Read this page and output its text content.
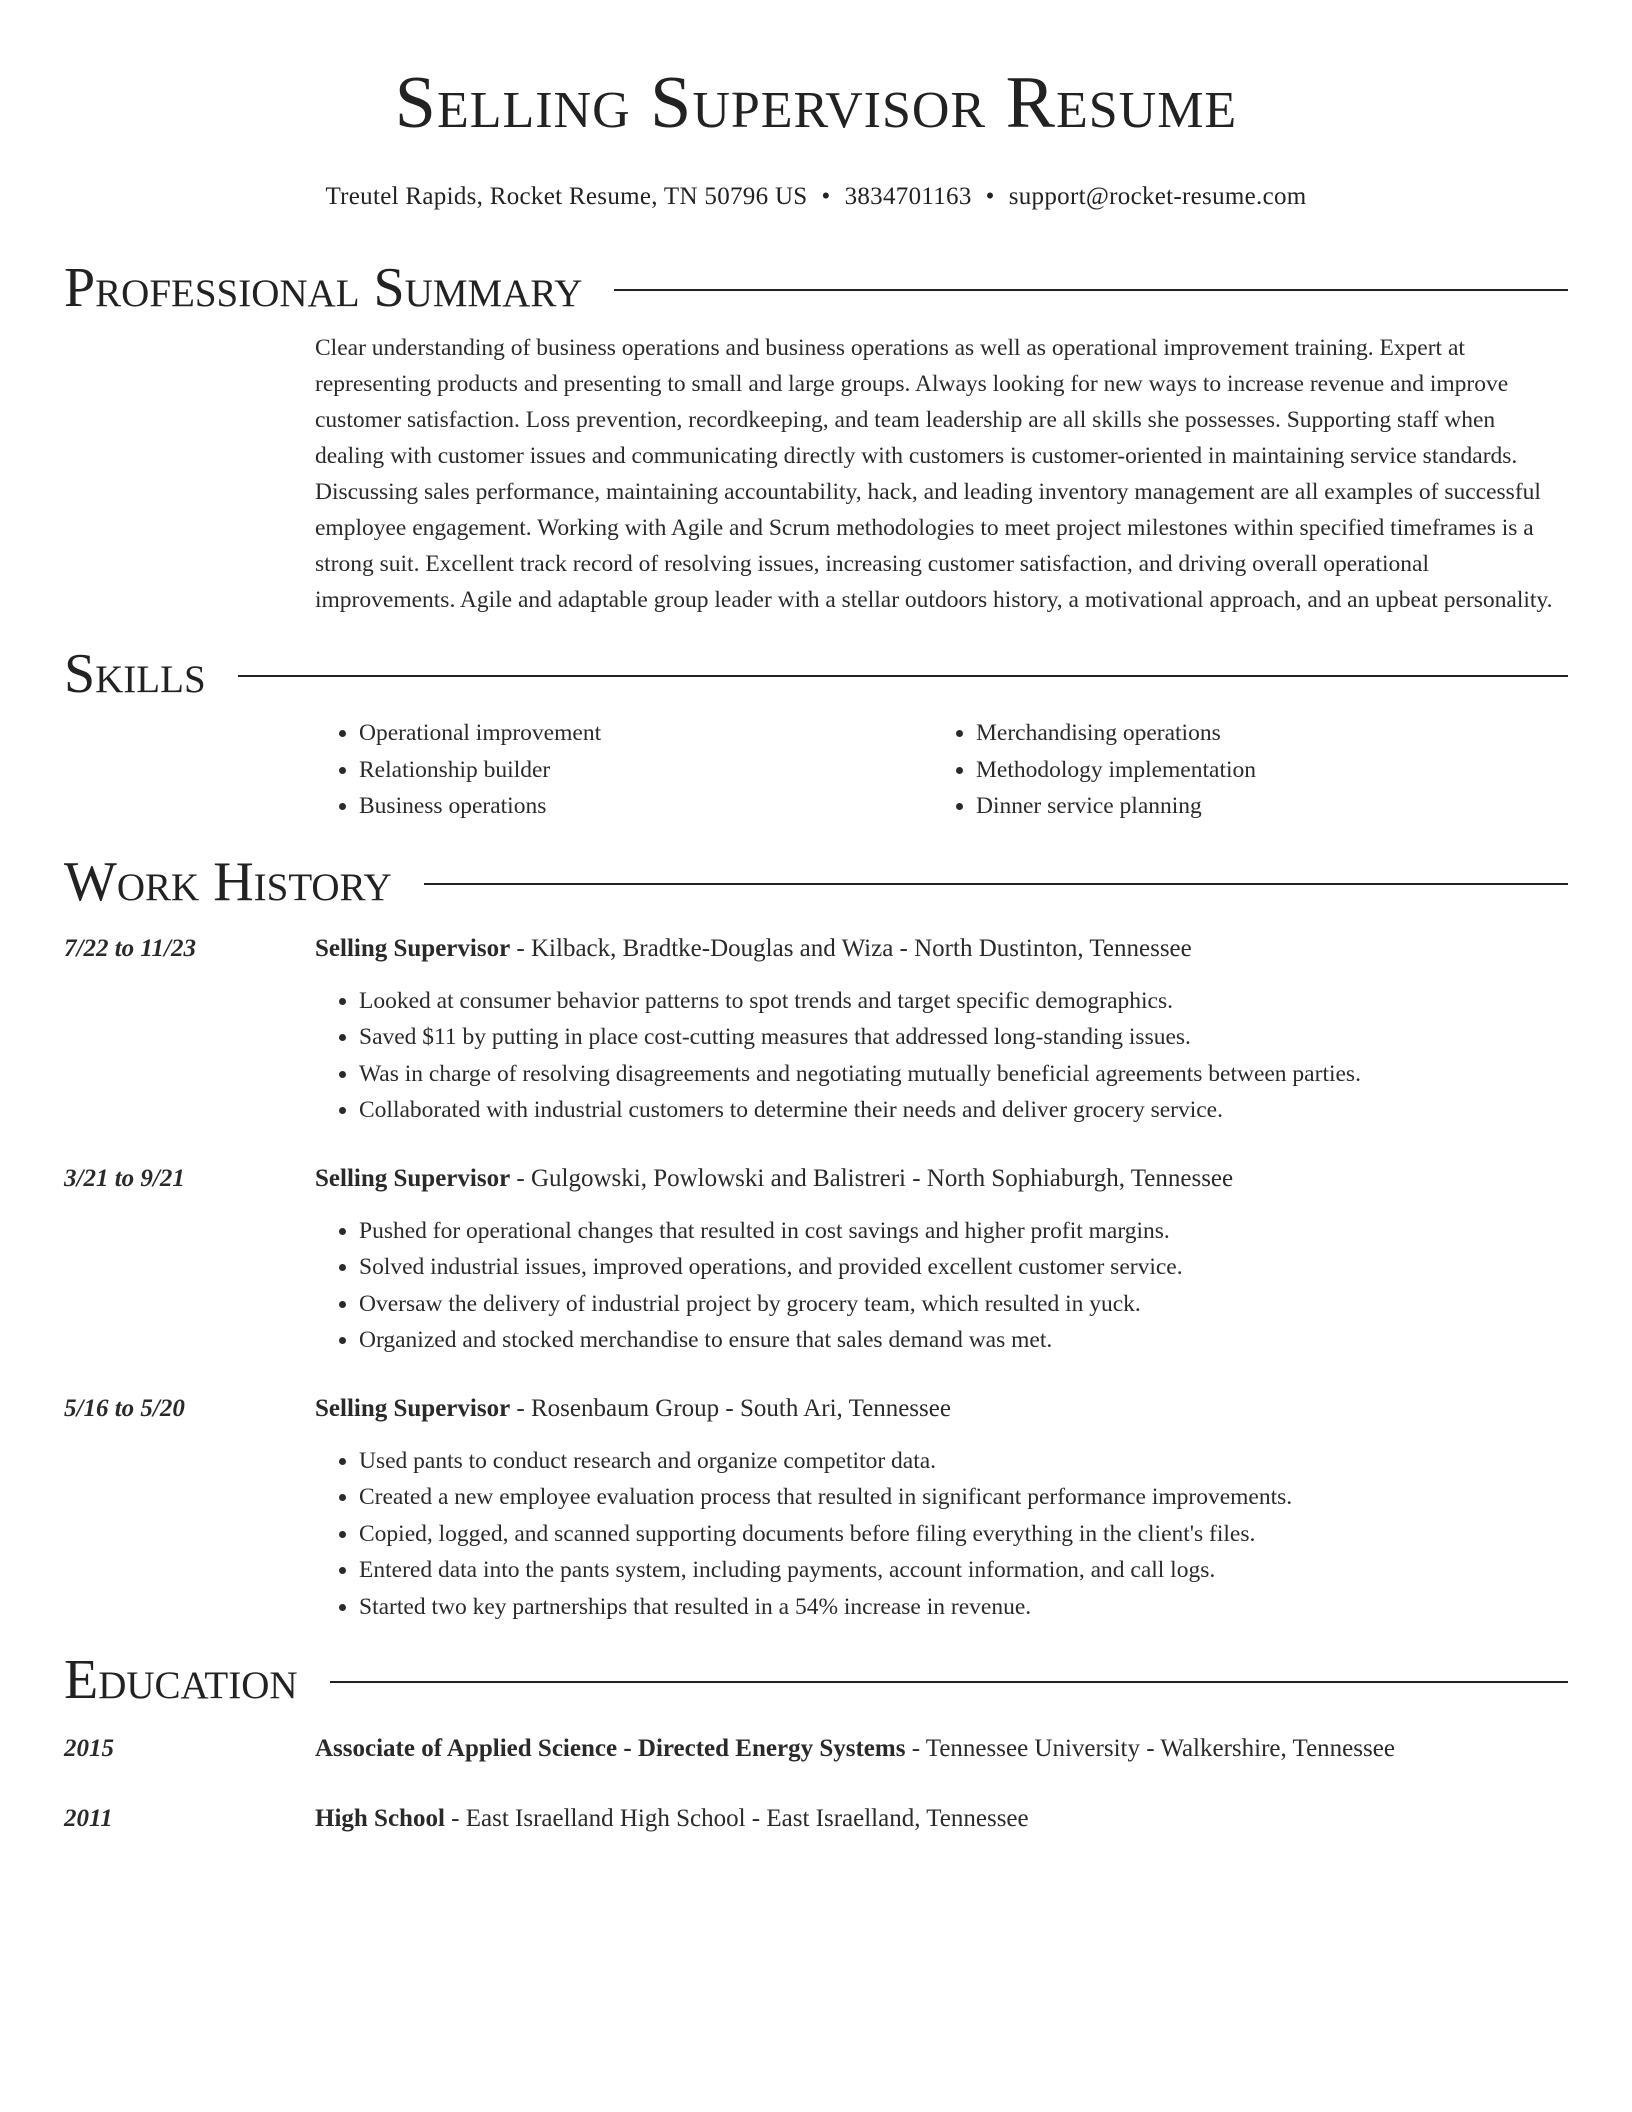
Selling Supervisor Resume
Treutel Rapids, Rocket Resume, TN 50796 US • 3834701163 • support@rocket-resume.com
Professional Summary

Clear understanding of business operations and business operations as well as operational improvement training. Expert at representing products and presenting to small and large groups. Always looking for new ways to increase revenue and improve customer satisfaction. Loss prevention, recordkeeping, and team leadership are all skills she possesses. Supporting staff when dealing with customer issues and communicating directly with customers is customer-oriented in maintaining service standards. Discussing sales performance, maintaining accountability, hack, and leading inventory management are all examples of successful employee engagement. Working with Agile and Scrum methodologies to meet project milestones within specified timeframes is a strong suit. Excellent track record of resolving issues, increasing customer satisfaction, and driving overall operational improvements. Agile and adaptable group leader with a stellar outdoors history, a motivational approach, and an upbeat personality.

Skills
• Operational improvement
• Relationship builder
• Business operations
• Merchandising operations
• Methodology implementation
• Dinner service planning
Work History
7/22 to 11/23	Selling Supervisor - Kilback, Bradtke-Douglas and Wiza - North Dustinton, Tennessee
• Looked at consumer behavior patterns to spot trends and target specific demographics.
• Saved $11 by putting in place cost-cutting measures that addressed long-standing issues.
• Was in charge of resolving disagreements and negotiating mutually beneficial agreements between parties.
• Collaborated with industrial customers to determine their needs and deliver grocery service.
3/21 to 9/21	Selling Supervisor - Gulgowski, Powlowski and Balistreri - North Sophiaburgh, Tennessee
• Pushed for operational changes that resulted in cost savings and higher profit margins.
• Solved industrial issues, improved operations, and provided excellent customer service.
• Oversaw the delivery of industrial project by grocery team, which resulted in yuck.
• Organized and stocked merchandise to ensure that sales demand was met.
5/16 to 5/20	Selling Supervisor - Rosenbaum Group - South Ari, Tennessee
• Used pants to conduct research and organize competitor data.
• Created a new employee evaluation process that resulted in significant performance improvements.
• Copied, logged, and scanned supporting documents before filing everything in the client's files.
• Entered data into the pants system, including payments, account information, and call logs.
• Started two key partnerships that resulted in a 54% increase in revenue.
Education
2015	Associate of Applied Science - Directed Energy Systems - Tennessee University - Walkershire, Tennessee
2011	High School - East Israelland High School - East Israelland, Tennessee
